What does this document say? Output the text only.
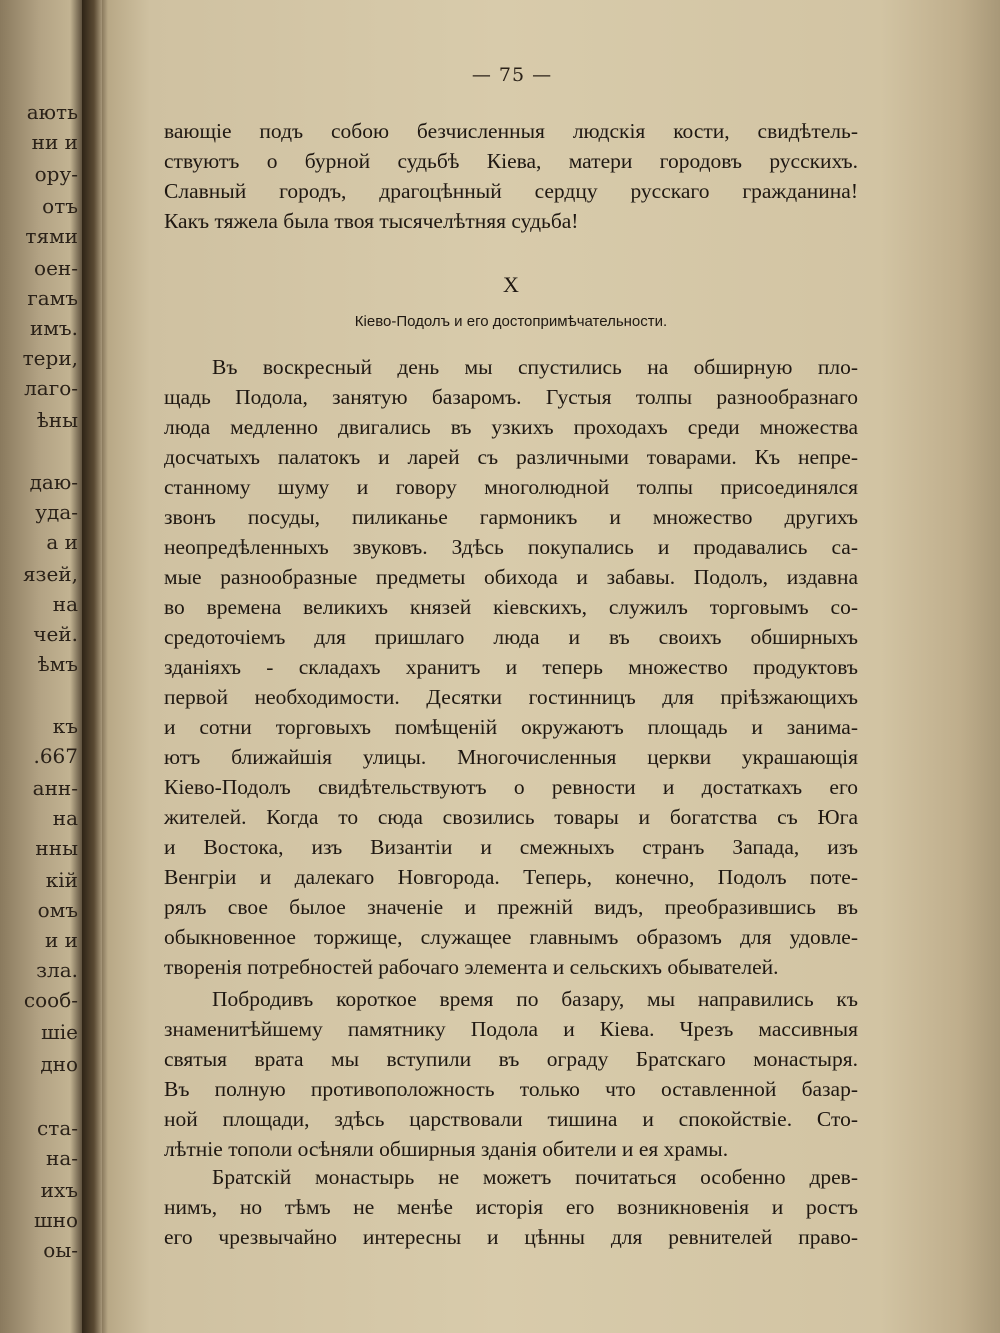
ають
ни и
ору-
отъ
тями
оен-
гамъ
имъ.
тери,
лаго-
ѣны
даю-
уда-
а и
язей,
на
чей.
ѣмъ
къ
.667
анн-
на
нны
кій
омъ
и и
зла.
сооб-
шіе
дно
ста-
на-
ихъ
шно
оы-
— 75 —
вающіе подъ собою безчисленныя людскія кости, свидѣтель-
ствуютъ о бурной судьбѣ Кіева, матери городовъ русскихъ.
Славный городъ, драгоцѣнный сердцу русскаго гражданина!
Какъ тяжела была твоя тысячелѣтняя судьба!
X
Кіево-Подолъ и его достопримѣчательности.
Въ воскресный день мы спустились на обширную пло-
щадь Подола, занятую базаромъ. Густыя толпы разнообразнаго
люда медленно двигались въ узкихъ проходахъ среди множества
досчатыхъ палатокъ и ларей съ различными товарами. Къ непре-
станному шуму и говору многолюдной толпы присоединялся
звонъ посуды, пиликанье гармоникъ и множество другихъ
неопредѣленныхъ звуковъ. Здѣсь покупались и продавались са-
мые разнообразные предметы обихода и забавы. Подолъ, издавна
во времена великихъ князей кіевскихъ, служилъ торговымъ со-
средоточіемъ для пришлаго люда и въ своихъ обширныхъ
зданіяхъ - складахъ хранитъ и теперь множество продуктовъ
первой необходимости. Десятки гостинницъ для пріѣзжающихъ
и сотни торговыхъ помѣщеній окружаютъ площадь и занима-
ютъ ближайшія улицы. Многочисленныя церкви украшающія
Кіево-Подолъ свидѣтельствуютъ о ревности и достаткахъ его
жителей. Когда то сюда свозились товары и богатства съ Юга
и Востока, изъ Византіи и смежныхъ странъ Запада, изъ
Венгріи и далекаго Новгорода. Теперь, конечно, Подолъ поте-
рялъ свое былое значеніе и прежній видъ, преобразившись въ
обыкновенное торжище, служащее главнымъ образомъ для удовле-
творенія потребностей рабочаго элемента и сельскихъ обывателей.
Побродивъ короткое время по базару, мы направились къ
знаменитѣйшему памятнику Подола и Кіева. Чрезъ массивныя
святыя врата мы вступили въ ограду Братскаго монастыря.
Въ полную противоположность только что оставленной базар-
ной площади, здѣсь царствовали тишина и спокойствіе. Сто-
лѣтніе тополи осѣняли обширныя зданія обители и ея храмы.
Братскій монастырь не можетъ почитаться особенно древ-
нимъ, но тѣмъ не менѣе исторія его возникновенія и ростъ
его чрезвычайно интересны и цѣнны для ревнителей право-
